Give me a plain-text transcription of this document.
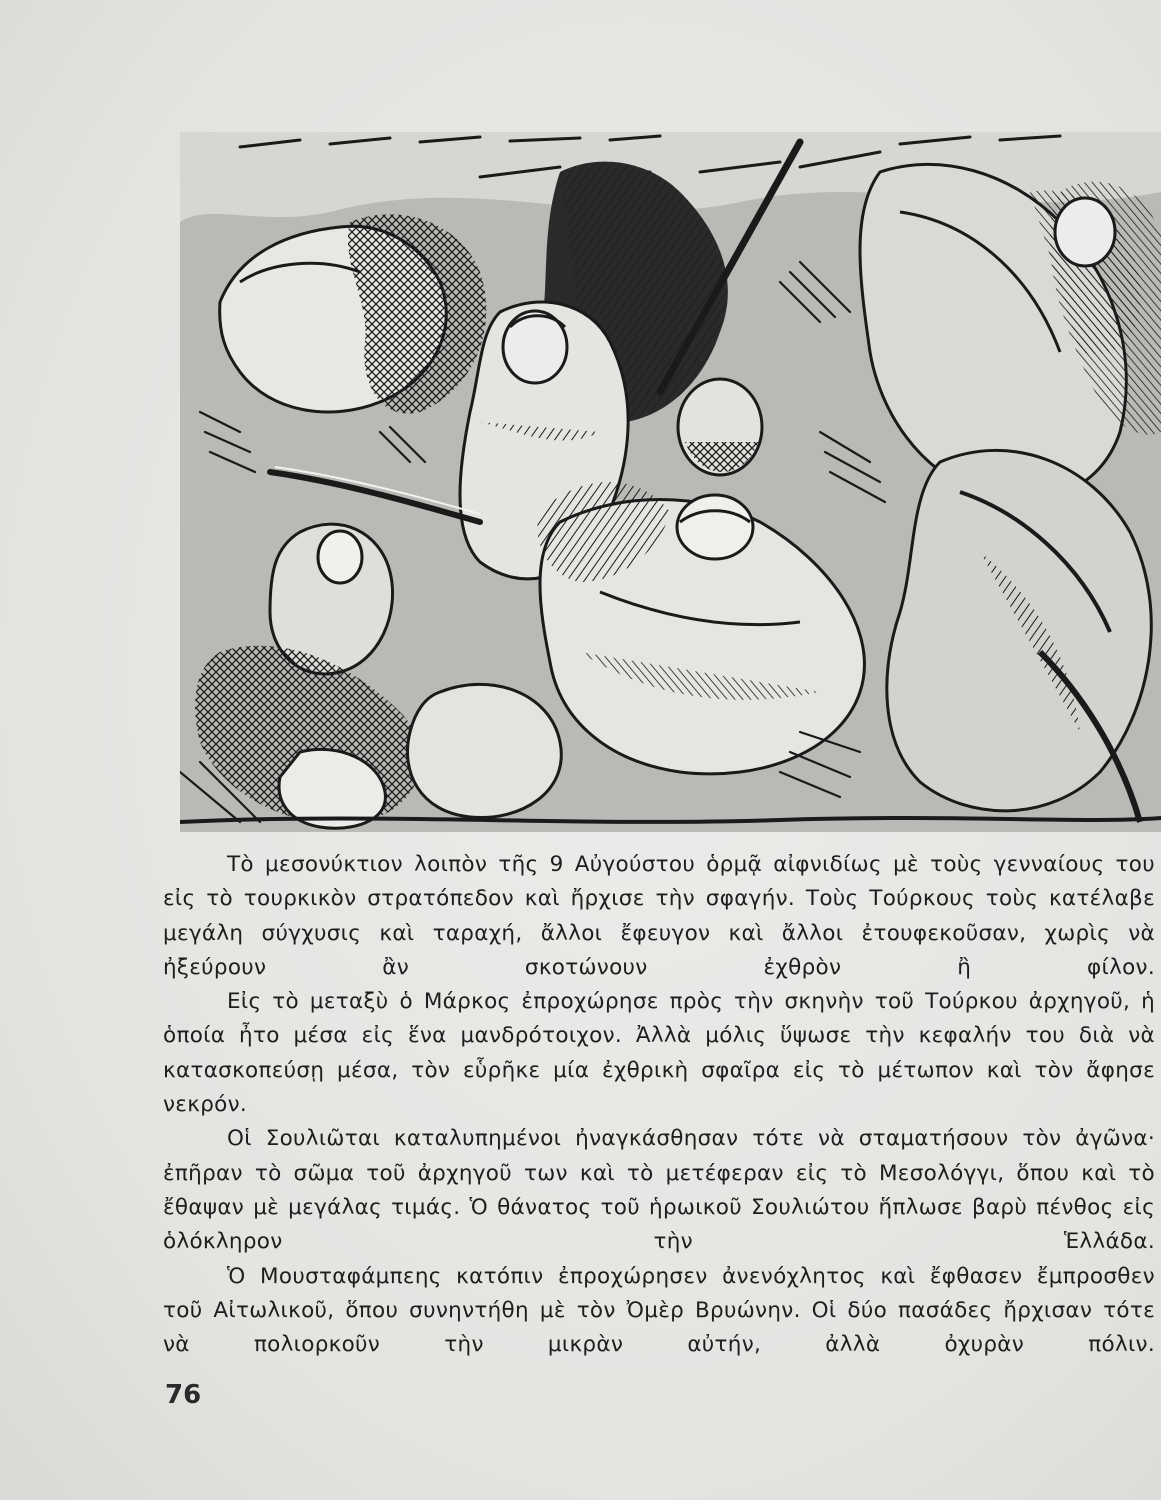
Τὸ μεσονύκτιον λοιπὸν τῆς 9 Αὐγούστου ὁρμᾷ αἰφνιδίως μὲ τοὺς γενναίους του εἰς τὸ τουρκικὸν στρατόπεδον καὶ ἤρχισε τὴν σφαγήν. Τοὺς Τούρκους τοὺς κατέλαβε μεγάλη σύγχυσις καὶ ταραχή, ἄλλοι ἔφευγον καὶ ἄλλοι ἐτουφεκοῦσαν, χωρὶς νὰ ἠξεύρουν ἂν σκοτώνουν ἐχθρὸν ἢ φίλον.

Εἰς τὸ μεταξὺ ὁ Μάρκος ἐπροχώρησε πρὸς τὴν σκηνὴν τοῦ Τούρκου ἀρχηγοῦ, ἡ ὁποία ἦτο μέσα εἰς ἕνα μανδρότοιχον. Ἀλλὰ μόλις ὕψωσε τὴν κεφαλήν του διὰ νὰ κατασκοπεύσῃ μέσα, τὸν εὗρῆκε μία ἐχθρικὴ σφαῖρα εἰς τὸ μέτωπον καὶ τὸν ἄφησε νεκρόν.

Οἱ Σουλιῶται καταλυπημένοι ἠναγκάσθησαν τότε νὰ σταματήσουν τὸν ἀγῶνα· ἐπῆραν τὸ σῶμα τοῦ ἀρχηγοῦ των καὶ τὸ μετέφεραν εἰς τὸ Μεσολόγγι, ὅπου καὶ τὸ ἔθαψαν μὲ μεγάλας τιμάς. Ὁ θάνατος τοῦ ἡρωικοῦ Σουλιώτου ἥπλωσε βαρὺ πένθος εἰς ὁλόκληρον τὴν Ἑλλάδα.

Ὁ Μουσταφάμπεης κατόπιν ἐπροχώρησεν ἀνενόχλητος καὶ ἔφθασεν ἔμπροσθεν τοῦ Αἰτωλικοῦ, ὅπου συνηντήθη μὲ τὸν Ὀμὲρ Βρυώνην. Οἱ δύο πασάδες ἤρχισαν τότε νὰ πολιορκοῦν τὴν μικρὰν αὐτήν, ἀλλὰ ὀχυρὰν πόλιν.

76
